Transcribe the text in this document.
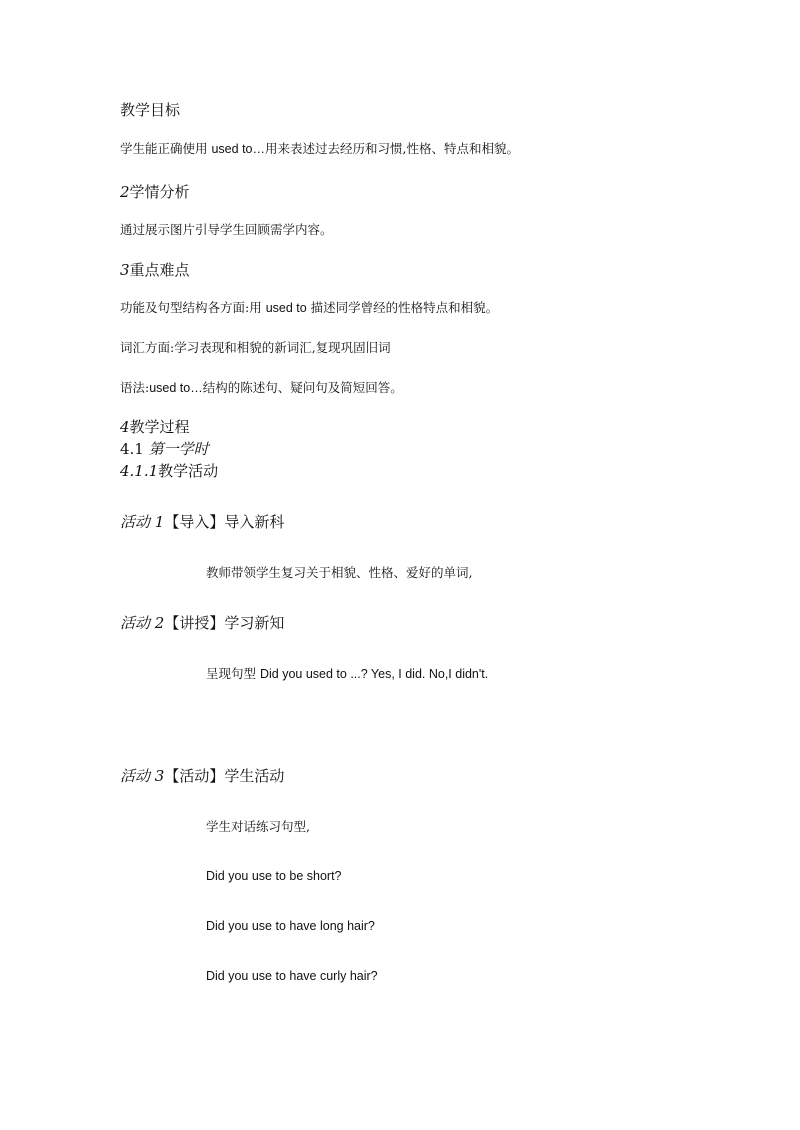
教学目标
学生能正确使用 used to…用来表述过去经历和习惯,性格、特点和相貌。
2学情分析
通过展示图片引导学生回顾需学内容。
3重点难点
功能及句型结构各方面:用 used to 描述同学曾经的性格特点和相貌。
词汇方面:学习表现和相貌的新词汇,复现巩固旧词
语法:used to…结构的陈述句、疑问句及简短回答。
4教学过程
4.1 第一学时
4.1.1教学活动
活动 1【导入】导入新科
教师带领学生复习关于相貌、性格、爱好的单词,
活动 2【讲授】学习新知
呈现句型 Did you used to ...? Yes, I did. No,I didn't.
活动 3【活动】学生活动
学生对话练习句型,
Did you use to be short?
Did you use to have long hair?
Did you use to have curly hair?
